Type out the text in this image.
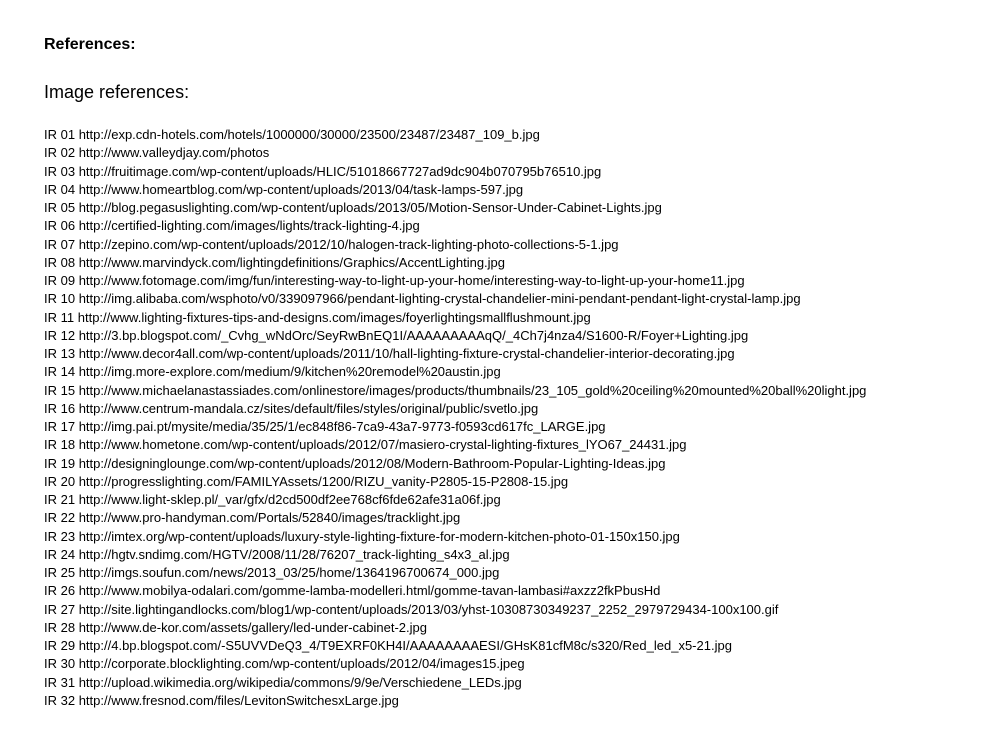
References:
Image references:
IR 01 http://exp.cdn-hotels.com/hotels/1000000/30000/23500/23487/23487_109_b.jpg
IR 02 http://www.valleydjay.com/photos
IR 03 http://fruitimage.com/wp-content/uploads/HLIC/51018667727ad9dc904b070795b76510.jpg
IR 04 http://www.homeartblog.com/wp-content/uploads/2013/04/task-lamps-597.jpg
IR 05 http://blog.pegasuslighting.com/wp-content/uploads/2013/05/Motion-Sensor-Under-Cabinet-Lights.jpg
IR 06 http://certified-lighting.com/images/lights/track-lighting-4.jpg
IR 07 http://zepino.com/wp-content/uploads/2012/10/halogen-track-lighting-photo-collections-5-1.jpg
IR 08 http://www.marvindyck.com/lightingdefinitions/Graphics/AccentLighting.jpg
IR 09 http://www.fotomage.com/img/fun/interesting-way-to-light-up-your-home/interesting-way-to-light-up-your-home11.jpg
IR 10 http://img.alibaba.com/wsphoto/v0/339097966/pendant-lighting-crystal-chandelier-mini-pendant-pendant-light-crystal-lamp.jpg
IR 11 http://www.lighting-fixtures-tips-and-designs.com/images/foyerlightingsmallflushmount.jpg
IR 12 http://3.bp.blogspot.com/_Cvhg_wNdOrc/SeyRwBnEQ1I/AAAAAAAAAqQ/_4Ch7j4nza4/S1600-R/Foyer+Lighting.jpg
IR 13 http://www.decor4all.com/wp-content/uploads/2011/10/hall-lighting-fixture-crystal-chandelier-interior-decorating.jpg
IR 14 http://img.more-explore.com/medium/9/kitchen%20remodel%20austin.jpg
IR 15 http://www.michaelanastassiades.com/onlinestore/images/products/thumbnails/23_105_gold%20ceiling%20mounted%20ball%20light.jpg
IR 16 http://www.centrum-mandala.cz/sites/default/files/styles/original/public/svetlo.jpg
IR 17 http://img.pai.pt/mysite/media/35/25/1/ec848f86-7ca9-43a7-9773-f0593cd617fc_LARGE.jpg
IR 18 http://www.hometone.com/wp-content/uploads/2012/07/masiero-crystal-lighting-fixtures_lYO67_24431.jpg
IR 19 http://designinglounge.com/wp-content/uploads/2012/08/Modern-Bathroom-Popular-Lighting-Ideas.jpg
IR 20 http://progresslighting.com/FAMILYAssets/1200/RIZU_vanity-P2805-15-P2808-15.jpg
IR 21 http://www.light-sklep.pl/_var/gfx/d2cd500df2ee768cf6fde62afe31a06f.jpg
IR 22 http://www.pro-handyman.com/Portals/52840/images/tracklight.jpg
IR 23 http://imtex.org/wp-content/uploads/luxury-style-lighting-fixture-for-modern-kitchen-photo-01-150x150.jpg
IR 24 http://hgtv.sndimg.com/HGTV/2008/11/28/76207_track-lighting_s4x3_al.jpg
IR 25 http://imgs.soufun.com/news/2013_03/25/home/1364196700674_000.jpg
IR 26 http://www.mobilya-odalari.com/gomme-lamba-modelleri.html/gomme-tavan-lambasi#axzz2fkPbusHd
IR 27 http://site.lightingandlocks.com/blog1/wp-content/uploads/2013/03/yhst-10308730349237_2252_2979729434-100x100.gif
IR 28 http://www.de-kor.com/assets/gallery/led-under-cabinet-2.jpg
IR 29 http://4.bp.blogspot.com/-S5UVVDeQ3_4/T9EXRF0KH4I/AAAAAAAAESI/GHsK81cfM8c/s320/Red_led_x5-21.jpg
IR 30 http://corporate.blocklighting.com/wp-content/uploads/2012/04/images15.jpeg
IR 31 http://upload.wikimedia.org/wikipedia/commons/9/9e/Verschiedene_LEDs.jpg
IR 32 http://www.fresnod.com/files/LevitonSwitchesxLarge.jpg
